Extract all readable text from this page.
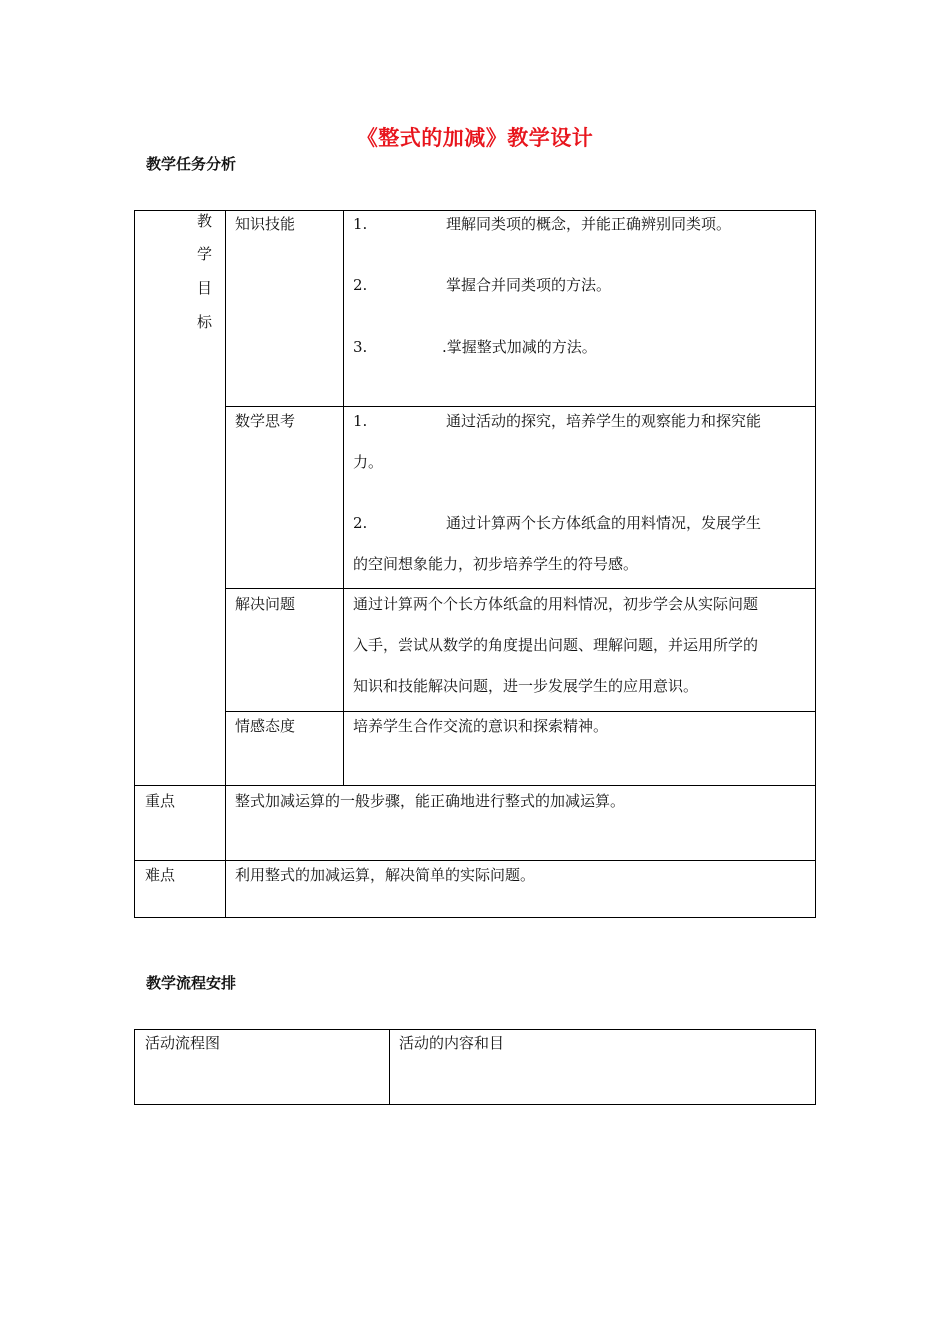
《整式的加减》教学设计
教学任务分析
教
学
目
标
知识技能	1.	理解同类项的概念，并能正确辨别同类项。
2.	掌握合并同类项的方法。
3.	.掌握整式加减的方法。
数学思考	1.	通过活动的探究，培养学生的观察能力和探究能
力。
2.	通过计算两个长方体纸盒的用料情况，发展学生
的空间想象能力，初步培养学生的符号感。
解决问题	通过计算两个个长方体纸盒的用料情况，初步学会从实际问题
入手，尝试从数学的角度提出问题、理解问题，并运用所学的
知识和技能解决问题，进一步发展学生的应用意识。
情感态度	培养学生合作交流的意识和探索精神。
重点	整式加减运算的一般步骤，能正确地进行整式的加减运算。
难点	利用整式的加减运算，解决简单的实际问题。
教学流程安排
活动流程图	活动的内容和目
